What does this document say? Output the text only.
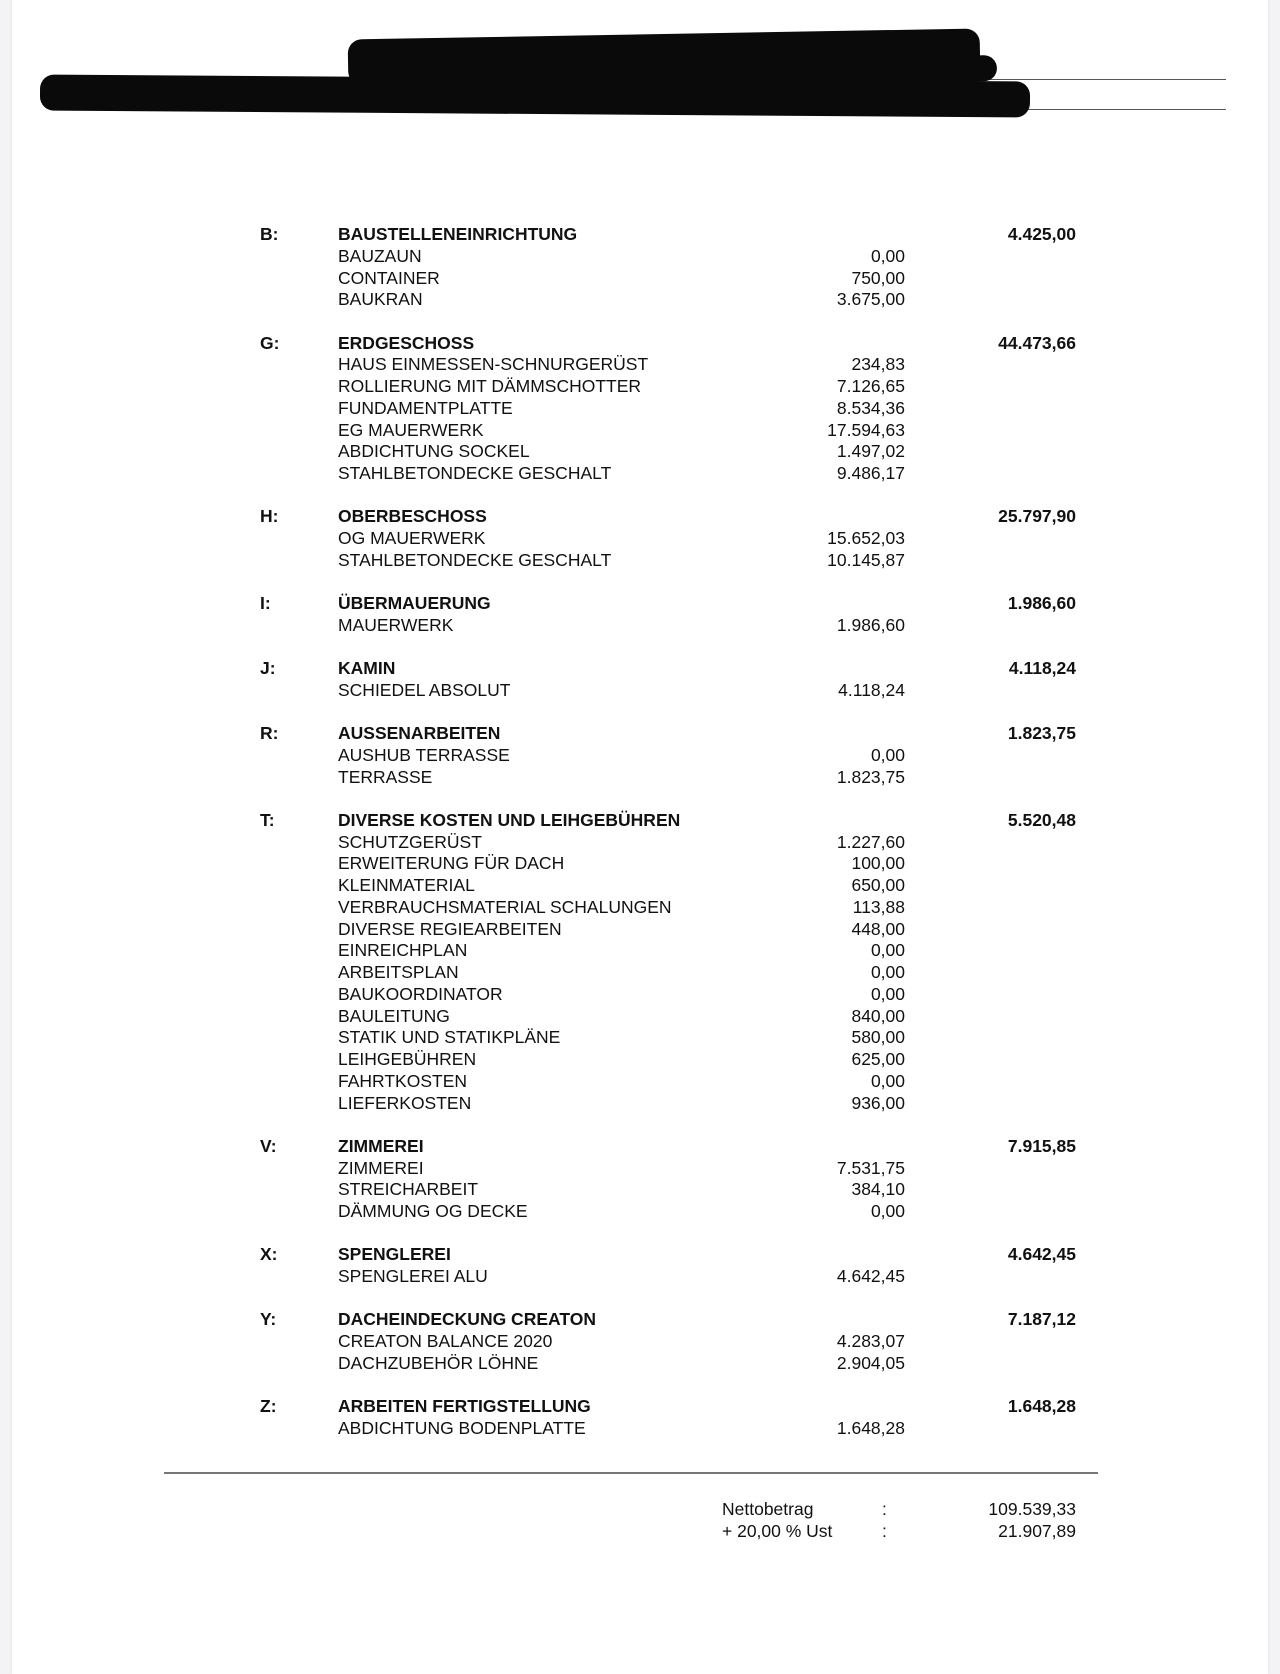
B:	BAUSTELLENEINRICHTUNG	4.425,00
BAUZAUN	0,00
CONTAINER	750,00
BAUKRAN	3.675,00
G:	ERDGESCHOSS	44.473,66
HAUS EINMESSEN-SCHNURGERÜST	234,83
ROLLIERUNG MIT DÄMMSCHOTTER	7.126,65
FUNDAMENTPLATTE	8.534,36
EG MAUERWERK	17.594,63
ABDICHTUNG SOCKEL	1.497,02
STAHLBETONDECKE GESCHALT	9.486,17
H:	OBERBESCHOSS	25.797,90
OG MAUERWERK	15.652,03
STAHLBETONDECKE GESCHALT	10.145,87
I:	ÜBERMAUERUNG	1.986,60
MAUERWERK	1.986,60
J:	KAMIN	4.118,24
SCHIEDEL ABSOLUT	4.118,24
R:	AUSSENARBEITEN	1.823,75
AUSHUB TERRASSE	0,00
TERRASSE	1.823,75
T:	DIVERSE KOSTEN UND LEIHGEBÜHREN	5.520,48
SCHUTZGERÜST	1.227,60
ERWEITERUNG FÜR DACH	100,00
KLEINMATERIAL	650,00
VERBRAUCHSMATERIAL SCHALUNGEN	113,88
DIVERSE REGIEARBEITEN	448,00
EINREICHPLAN	0,00
ARBEITSPLAN	0,00
BAUKOORDINATOR	0,00
BAULEITUNG	840,00
STATIK UND STATIKPLÄNE	580,00
LEIHGEBÜHREN	625,00
FAHRTKOSTEN	0,00
LIEFERKOSTEN	936,00
V:	ZIMMEREI	7.915,85
ZIMMEREI	7.531,75
STREICHARBEIT	384,10
DÄMMUNG OG DECKE	0,00
X:	SPENGLEREI	4.642,45
SPENGLEREI ALU	4.642,45
Y:	DACHEINDECKUNG CREATON	7.187,12
CREATON BALANCE 2020	4.283,07
DACHZUBEHÖR LÖHNE	2.904,05
Z:	ARBEITEN FERTIGSTELLUNG	1.648,28
ABDICHTUNG BODENPLATTE	1.648,28
Nettobetrag	:	109.539,33
+ 20,00 % Ust	:	21.907,89
